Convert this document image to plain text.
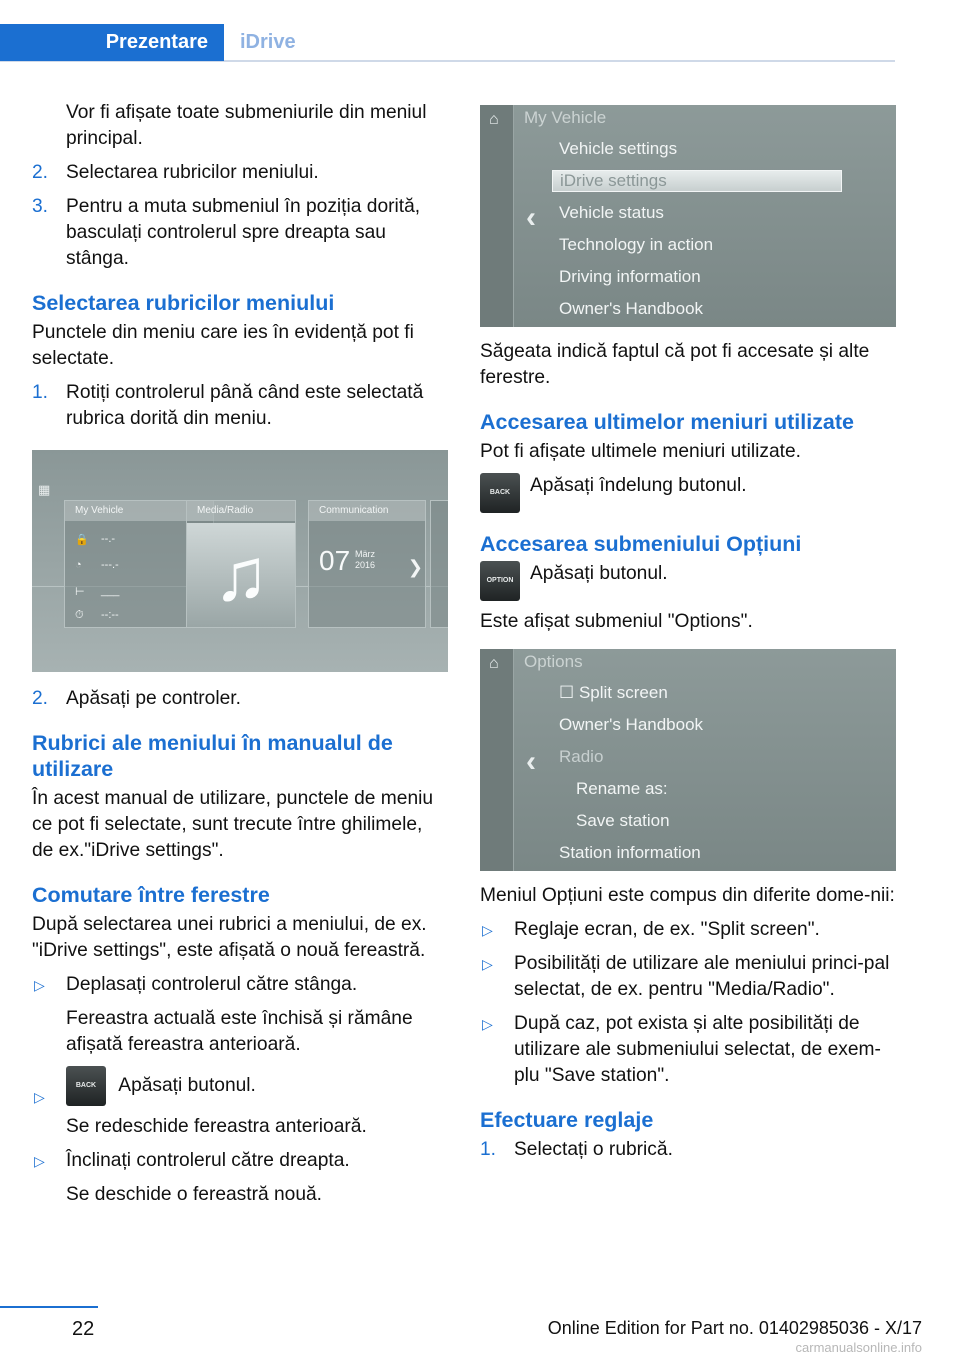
Prezentare	iDrive

Vor fi afișate toate submeniurile din meniul principal.

2. Selectarea rubricilor meniului.
3. Pentru a muta submeniul în poziția dorită, basculați controlerul spre dreapta sau stânga.
Selectarea rubricilor meniului

Punctele din meniu care ies în evidență pot fi selectate.

1. Rotiți controlerul până când este selectată rubrica dorită din meniu.
▦
My Vehicle
🔒 --.-
◔ ---.-
⊢ ___
⏱ --:--
Media/Radio
♫
Communication
07 März
2016 ❯
2. Apăsați pe controler.
Rubrici ale meniului în manualul de utilizare

În acest manual de utilizare, punctele de meniu ce pot fi selectate, sunt trecute între ghilimele, de ex."iDrive settings".

Comutare între ferestre

După selectarea unei rubrici a meniului, de ex. "iDrive settings", este afișată o nouă fereastră.

▷	Deplasați controlerul către stânga.
Fereastra actuală este închisă și rămâne afișată fereastra anterioară.
▷
BACK Apăsați butonul.
Se redeschide fereastra anterioară.
▷	Înclinați controlerul către dreapta.
Se deschide o fereastră nouă.
⌂ My Vehicle
‹
Vehicle settings
iDrive settings
Vehicle status
Technology in action
Driving information
Owner's Handbook

Săgeata indică faptul că pot fi accesate și alte ferestre.

Accesarea ultimelor meniuri utilizate

Pot fi afișate ultimele meniuri utilizate.

BACK	Apăsați îndelung butonul.
Accesarea submeniului Opțiuni
OPTION Apăsați butonul.

Este afișat submeniul "Options".

⌂ Options
‹
☐ Split screen
Owner's Handbook
Radio
Rename as:
Save station
Station information

Meniul Opțiuni este compus din diferite dome-nii:

▷	Reglaje ecran, de ex. "Split screen".
▷	Posibilități de utilizare ale meniului princi-pal selectat, de ex. pentru "Media/Radio".
▷	După caz, pot exista și alte posibilități de utilizare ale submeniului selectat, de exem-plu "Save station".
Efectuare reglaje
1. Selectați o rubrică.
22	Online Edition for Part no. 01402985036 - X/17
carmanualsonline.info
